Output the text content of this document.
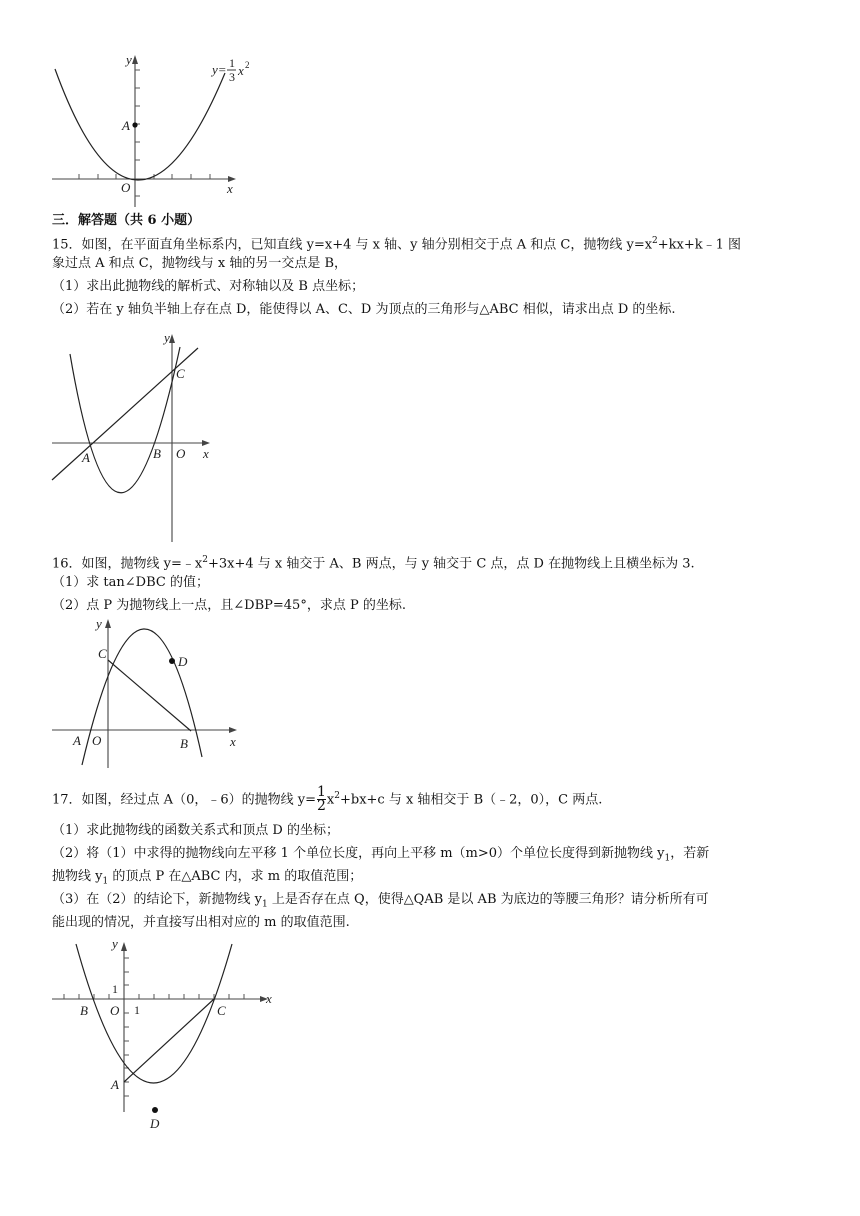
A
O
y
x
y= 1
3 x 2
y
C
A	B O x
y
C
D
A O	B	x
y
1
B O 1	C
x
A
D
三．解答题（共 6 小题）
15．如图，在平面直角坐标系内，已知直线 y=x+4 与 x 轴、y 轴分别相交于点 A 和点 C，抛物线 $y=x^2+kx+k﹣1$ 图
象过点 A 和点 C，抛物线与 x 轴的另一交点是 B，
（1）求出此抛物线的解析式、对称轴以及 B 点坐标；
（2）若在 y 轴负半轴上存在点 D，能使得以 A、C、D 为顶点的三角形与△ABC 相似，请求出点 D 的坐标.
16．如图，抛物线 $y=﹣x^2+3x+4$ 与 x 轴交于 A、B 两点，与 y 轴交于 C 点，点 D 在抛物线上且横坐标为 3.
（1）求 tan∠DBC 的值；
（2）点 P 为抛物线上一点，且∠DBP=45°，求点 P 的坐标.
17．如图，经过点 A（0，﹣6）的抛物线 $y= \frac{1}{2} x^2+bx+c$ 与 x 轴相交于 B（﹣2，0），C 两点.
（1）求此抛物线的函数关系式和顶点 D 的坐标；
（2）将（1）中求得的抛物线向左平移 1 个单位长度，再向上平移 m（m>0）个单位长度得到新抛物线 $y_1$，若新
抛物线 $y_1$ 的顶点 P 在△ABC 内，求 m 的取值范围；
（3）在（2）的结论下，新抛物线 $y_1$ 上是否存在点 Q，使得△QAB 是以 AB 为底边的等腰三角形？请分析所有可
能出现的情况，并直接写出相对应的 m 的取值范围.
